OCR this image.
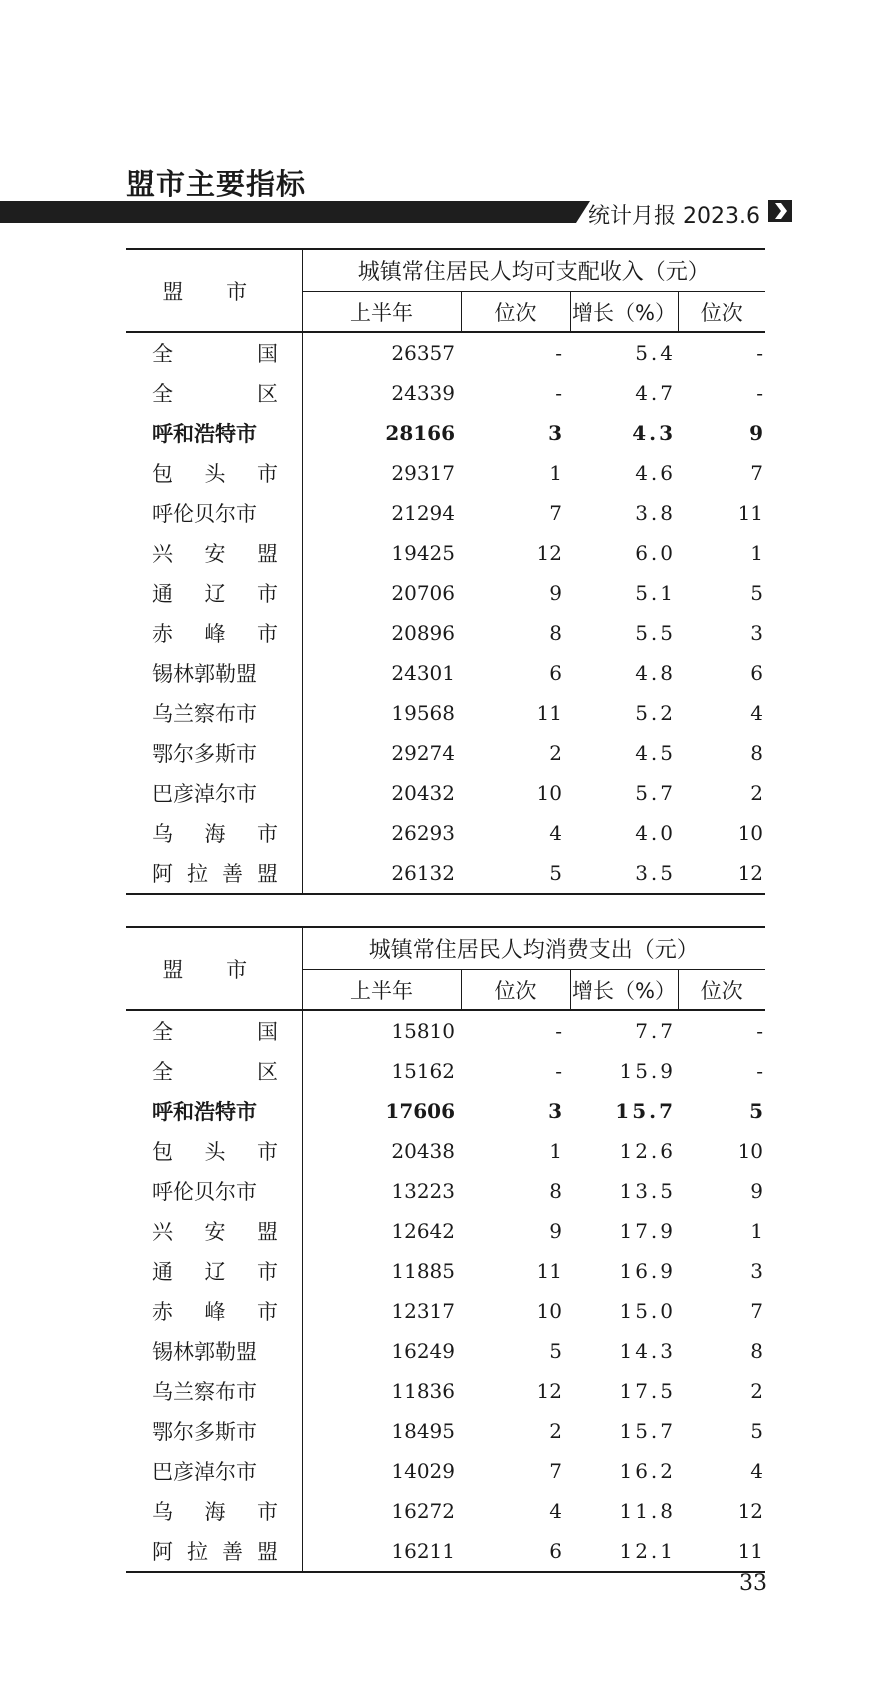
盟市主要指标
统计月报 2023.6
盟 市	城镇常住居民人均可支配收入（元）			
	上半年	位次	增长（%）	位次
全国	26357	-	5.4	-
全区	24339	-	4.7	-
呼和浩特市	28166	3	4.3	9
包头市	29317	1	4.6	7
呼伦贝尔市	21294	7	3.8	11
兴安盟	19425	12	6.0	1
通辽市	20706	9	5.1	5
赤峰市	20896	8	5.5	3
锡林郭勒盟	24301	6	4.8	6
乌兰察布市	19568	11	5.2	4
鄂尔多斯市	29274	2	4.5	8
巴彦淖尔市	20432	10	5.7	2
乌海市	26293	4	4.0	10
阿拉善盟	26132	5	3.5	12
盟 市	城镇常住居民人均消费支出（元）			
	上半年	位次	增长（%）	位次
全国	15810	-	7.7	-
全区	15162	-	15.9	-
呼和浩特市	17606	3	15.7	5
包头市	20438	1	12.6	10
呼伦贝尔市	13223	8	13.5	9
兴安盟	12642	9	17.9	1
通辽市	11885	11	16.9	3
赤峰市	12317	10	15.0	7
锡林郭勒盟	16249	5	14.3	8
乌兰察布市	11836	12	17.5	2
鄂尔多斯市	18495	2	15.7	5
巴彦淖尔市	14029	7	16.2	4
乌海市	16272	4	11.8	12
阿拉善盟	16211	6	12.1	11
33
